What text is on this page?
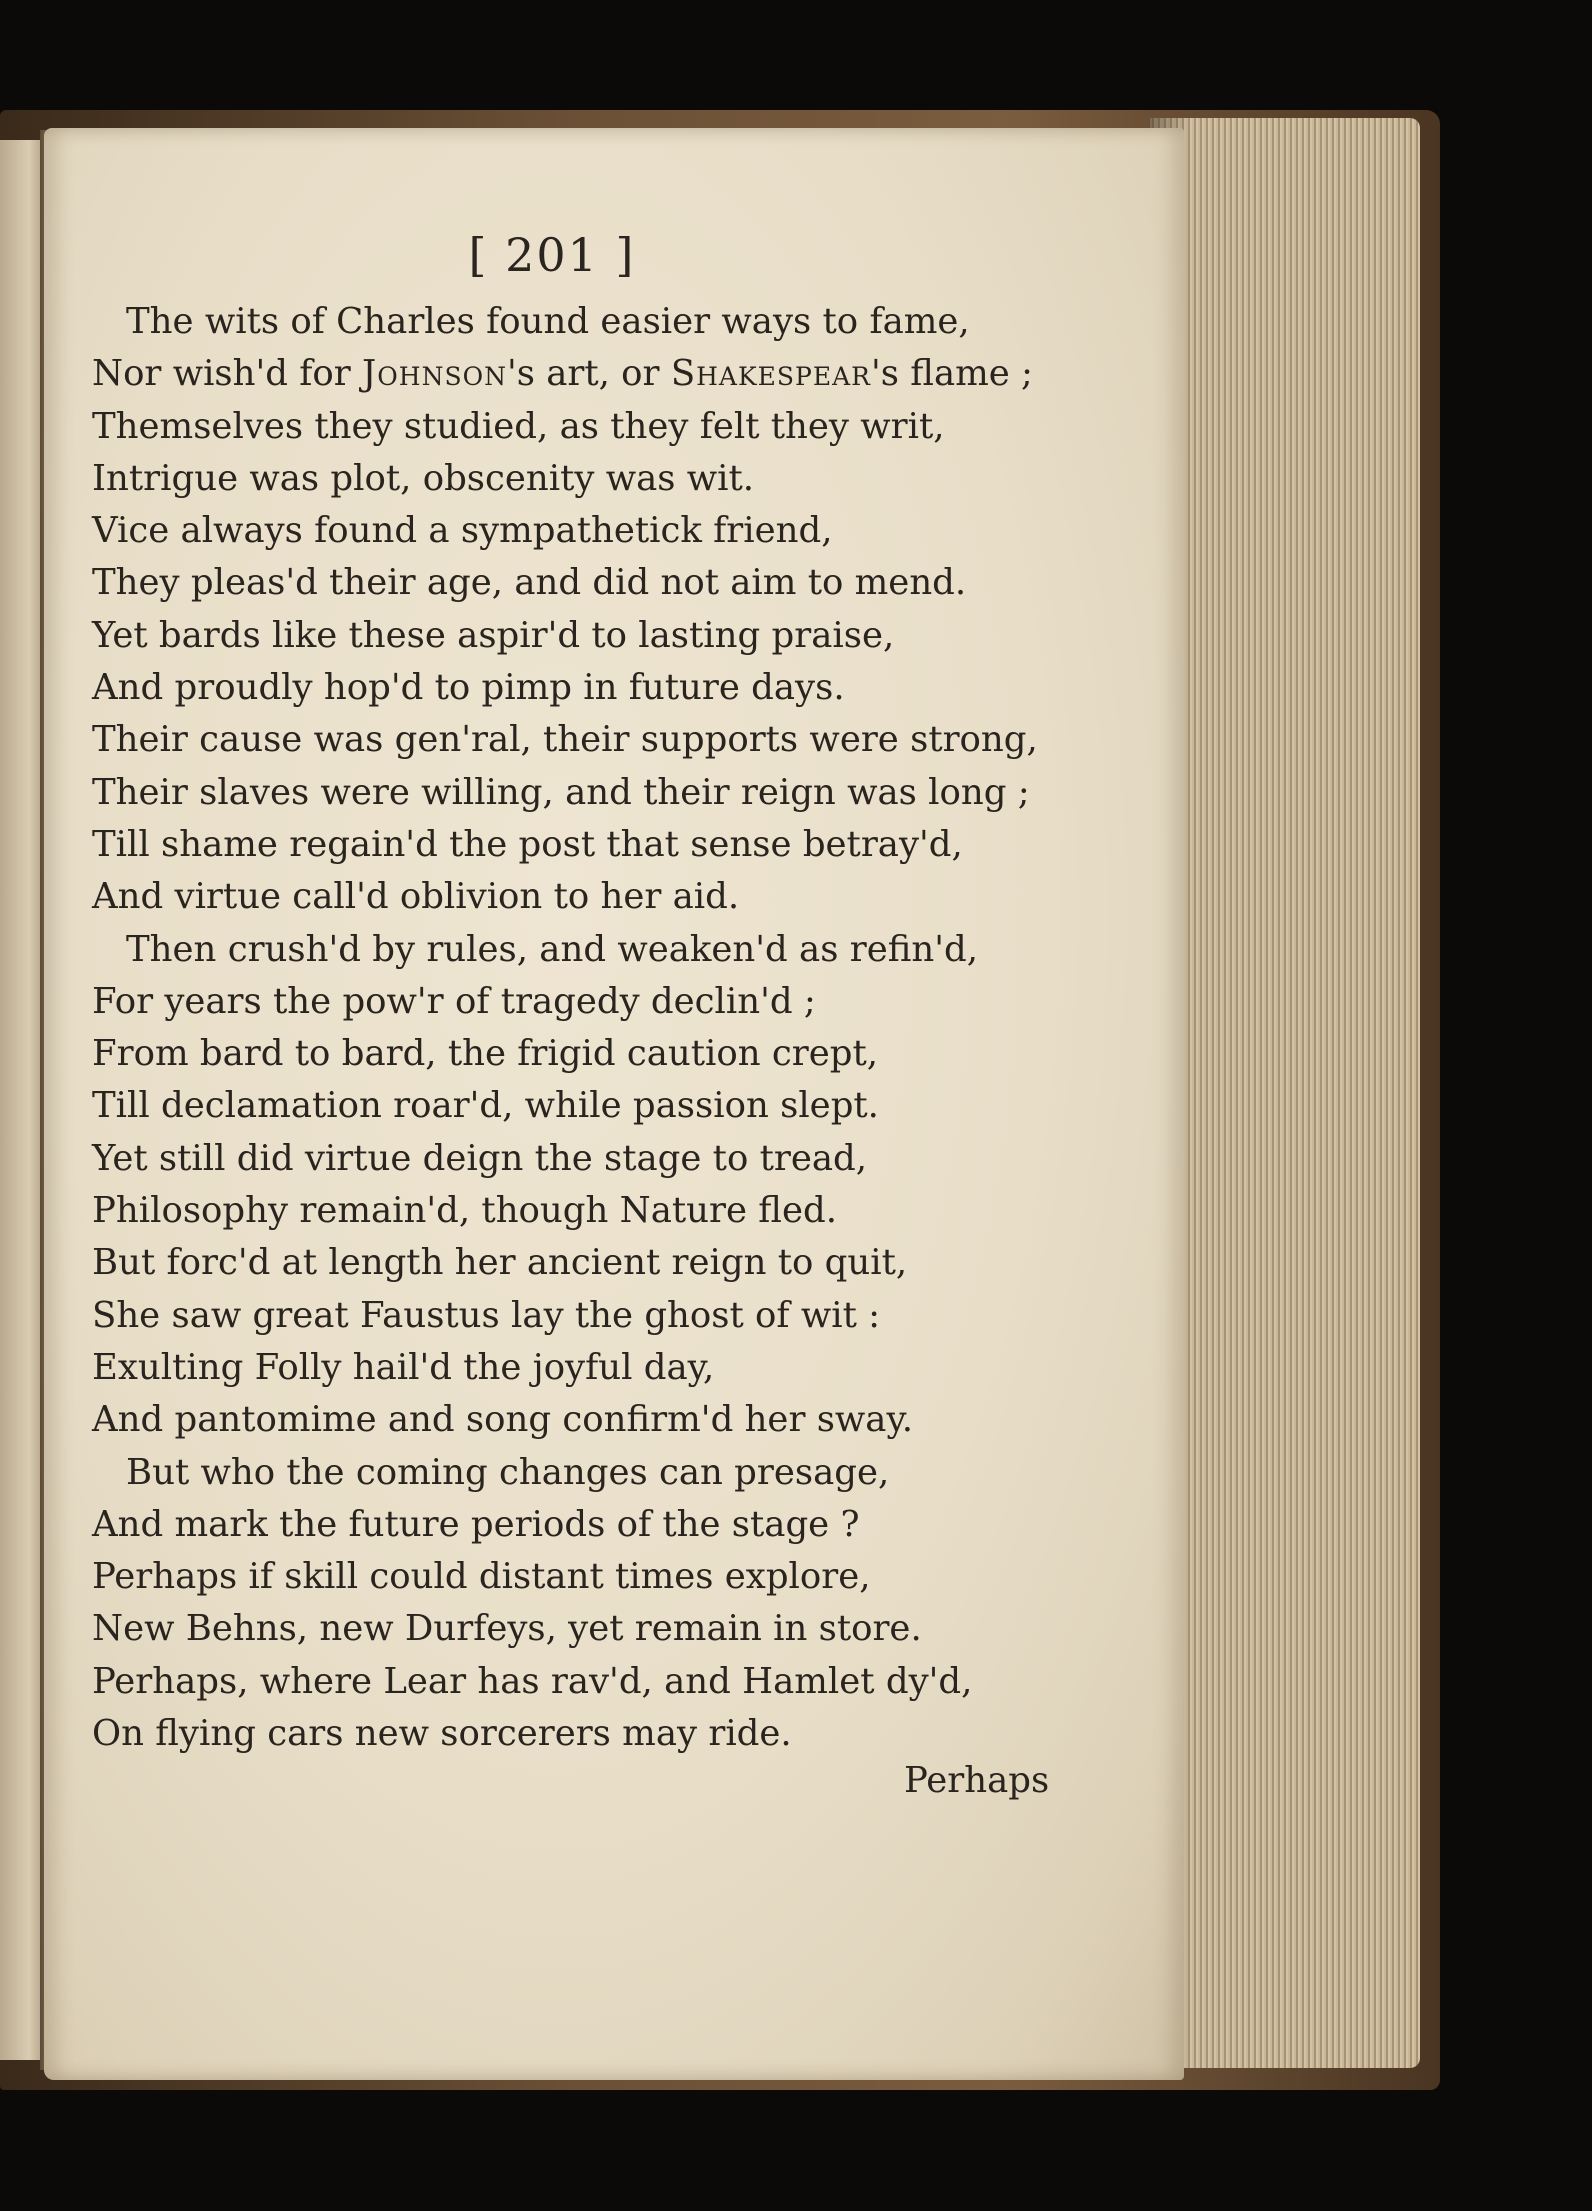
[ 201 ]
The wits of Charles found easier ways to fame,
Nor wish'd for Johnson's art, or Shakespear's flame ;
Themselves they studied, as they felt they writ,
Intrigue was plot, obscenity was wit.
Vice always found a sympathetick friend,
They pleas'd their age, and did not aim to mend.
Yet bards like these aspir'd to lasting praise,
And proudly hop'd to pimp in future days.
Their cause was gen'ral, their supports were strong,
Their slaves were willing, and their reign was long ;
Till shame regain'd the post that sense betray'd,
And virtue call'd oblivion to her aid.
Then crush'd by rules, and weaken'd as refin'd,
For years the pow'r of tragedy declin'd ;
From bard to bard, the frigid caution crept,
Till declamation roar'd, while passion slept.
Yet still did virtue deign the stage to tread,
Philosophy remain'd, though Nature fled.
But forc'd at length her ancient reign to quit,
She saw great Faustus lay the ghost of wit :
Exulting Folly hail'd the joyful day,
And pantomime and song confirm'd her sway.
But who the coming changes can presage,
And mark the future periods of the stage ?
Perhaps if skill could distant times explore,
New Behns, new Durfeys, yet remain in store.
Perhaps, where Lear has rav'd, and Hamlet dy'd,
On flying cars new sorcerers may ride.
Perhaps
